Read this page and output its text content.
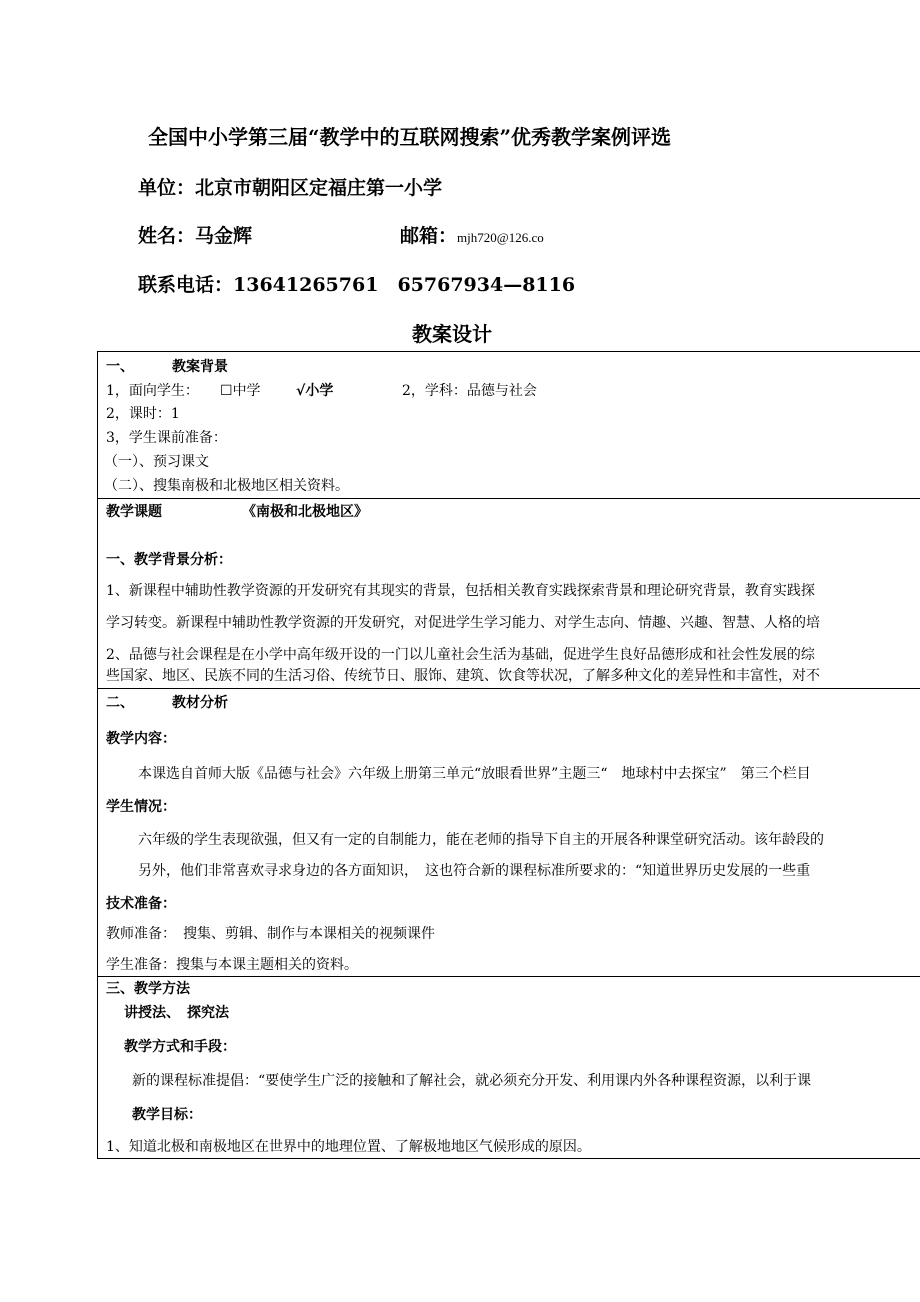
全国中小学第三届“教学中的互联网搜索”优秀教学案例评选
单位：北京市朝阳区定福庄第一小学
姓名：马金辉	邮箱：mjh720@126.co
联系电话：13641265761　65767934—8116
教案设计
一、	教案背景
1，面向学生： ☐中学	√小学	2，学科：品德与社会
2，课时：1
3，学生课前准备：
（一）、预习课文
（二）、搜集南极和北极地区相关资料。
教学课题	《南极和北极地区》
一、教学背景分析：
1、新课程中辅助性教学资源的开发研究有其现实的背景，包括相关教育实践探索背景和理论研究背景，教育实践探
学习转变。新课程中辅助性教学资源的开发研究，对促进学生学习能力、对学生志向、情趣、兴趣、智慧、人格的培
2、品德与社会课程是在小学中高年级开设的一门以儿童社会生活为基础，促进学生良好品德形成和社会性发展的综
些国家、地区、民族不同的生活习俗、传统节日、服饰、建筑、饮食等状况，了解多种文化的差异性和丰富性，对不
二、	教材分析
教学内容：
本课选自首师大版《品德与社会》六年级上册第三单元“放眼看世界”主题三“　地球村中去探宝”　第三个栏目
学生情况：
六年级的学生表现欲强，但又有一定的自制能力，能在老师的指导下自主的开展各种课堂研究活动。该年龄段的
另外，他们非常喜欢寻求身边的各方面知识，　这也符合新的课程标准所要求的：“知道世界历史发展的一些重
技术准备：
教师准备：　搜集、剪辑、制作与本课相关的视频课件
学生准备：搜集与本课主题相关的资料。
三、教学方法
讲授法、　探究法
教学方式和手段：
新的课程标准提倡：“要使学生广泛的接触和了解社会，就必须充分开发、利用课内外各种课程资源，以利于课
教学目标：
1、知道北极和南极地区在世界中的地理位置、了解极地地区气候形成的原因。
